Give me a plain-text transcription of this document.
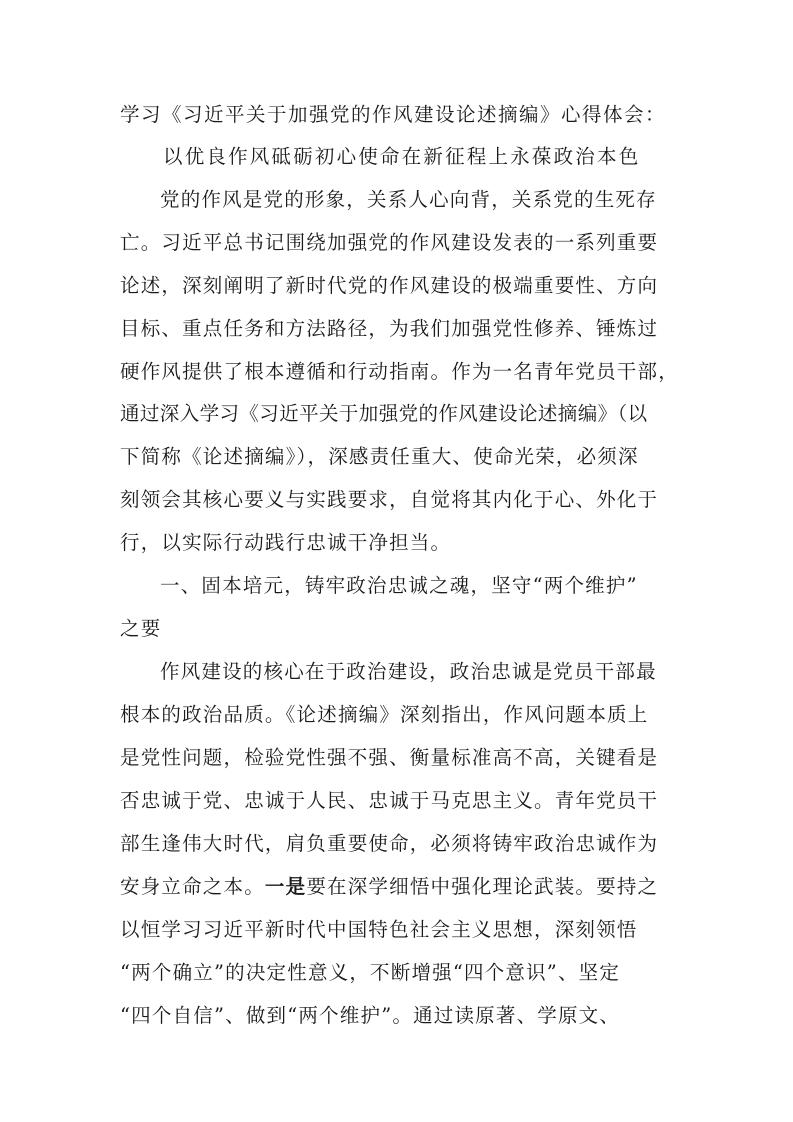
学习《习近平关于加强党的作风建设论述摘编》心得体会：
以优良作风砥砺初心使命在新征程上永葆政治本色
党的作风是党的形象，关系人心向背，关系党的生死存
亡。习近平总书记围绕加强党的作风建设发表的一系列重要
论述，深刻阐明了新时代党的作风建设的极端重要性、方向
目标、重点任务和方法路径，为我们加强党性修养、锤炼过
硬作风提供了根本遵循和行动指南。作为一名青年党员干部，
通过深入学习《习近平关于加强党的作风建设论述摘编》（以
下简称《论述摘编》），深感责任重大、使命光荣，必须深
刻领会其核心要义与实践要求，自觉将其内化于心、外化于
行，以实际行动践行忠诚干净担当。
一、固本培元，铸牢政治忠诚之魂，坚守“两个维护”
之要
作风建设的核心在于政治建设，政治忠诚是党员干部最
根本的政治品质。《论述摘编》深刻指出，作风问题本质上
是党性问题，检验党性强不强、衡量标准高不高，关键看是
否忠诚于党、忠诚于人民、忠诚于马克思主义。青年党员干
部生逢伟大时代，肩负重要使命，必须将铸牢政治忠诚作为
安身立命之本。一是要在深学细悟中强化理论武装。要持之
以恒学习习近平新时代中国特色社会主义思想，深刻领悟
“两个确立”的决定性意义，不断增强“四个意识”、坚定
“四个自信”、做到“两个维护”。通过读原著、学原文、
